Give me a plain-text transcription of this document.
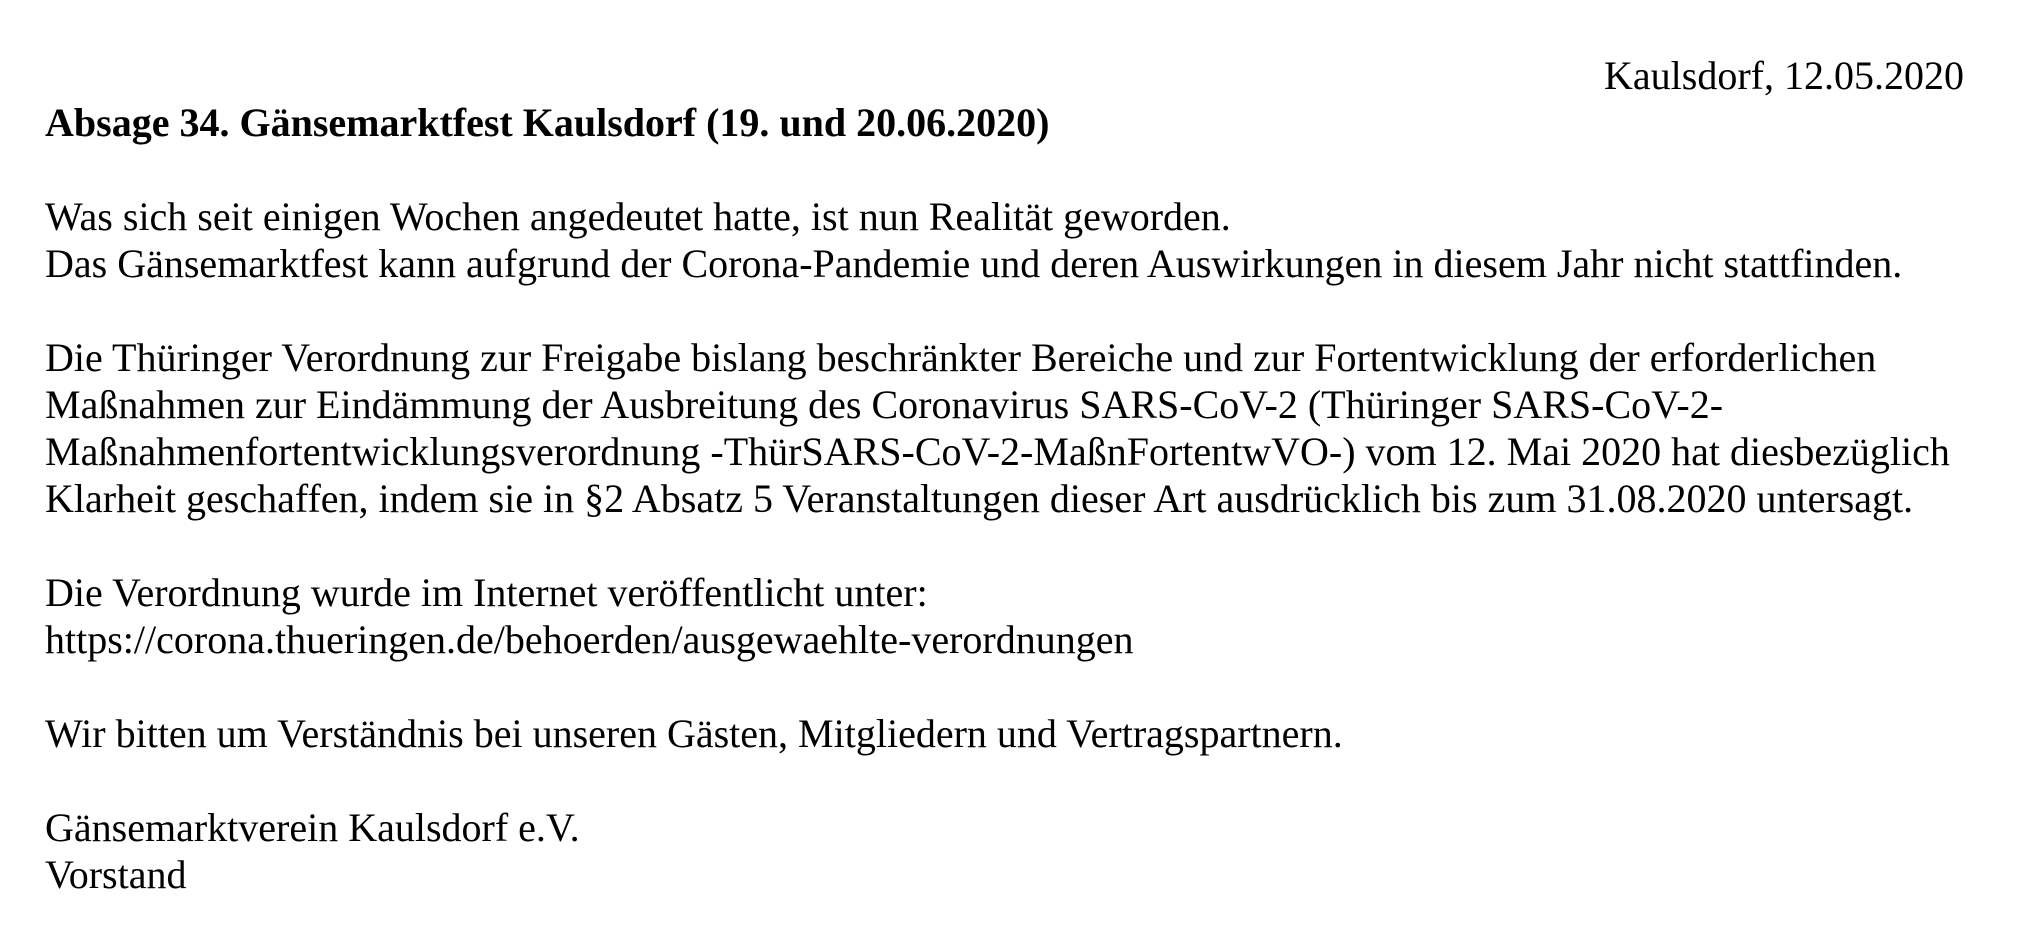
Kaulsdorf, 12.05.2020
Absage 34. Gänsemarktfest Kaulsdorf (19. und 20.06.2020)
Was sich seit einigen Wochen angedeutet hatte, ist nun Realität geworden.
Das Gänsemarktfest kann aufgrund der Corona-Pandemie und deren Auswirkungen in diesem Jahr nicht stattfinden.
Die Thüringer Verordnung zur Freigabe bislang beschränkter Bereiche und zur Fortentwicklung der erforderlichen
Maßnahmen zur Eindämmung der Ausbreitung des Coronavirus SARS-CoV-2 (Thüringer SARS-CoV-2-
Maßnahmenfortentwicklungsverordnung -ThürSARS-CoV-2-MaßnFortentwVO-) vom 12. Mai 2020 hat diesbezüglich
Klarheit geschaffen, indem sie in §2 Absatz 5 Veranstaltungen dieser Art ausdrücklich bis zum 31.08.2020 untersagt.
Die Verordnung wurde im Internet veröffentlicht unter:
https://corona.thueringen.de/behoerden/ausgewaehlte-verordnungen
Wir bitten um Verständnis bei unseren Gästen, Mitgliedern und Vertragspartnern.
Gänsemarktverein Kaulsdorf e.V.
Vorstand
